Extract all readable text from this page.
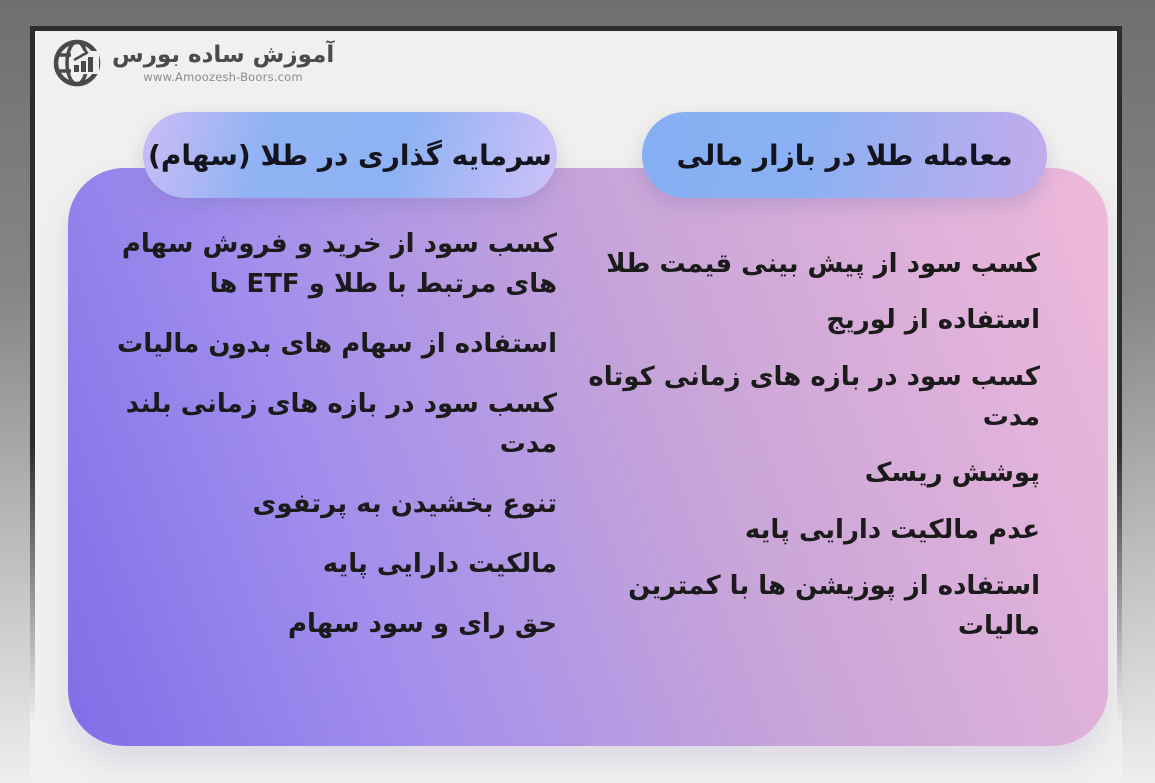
آموزش ساده بورس
www.Amoozesh-Boors.com
سرمایه گذاری در طلا (سهام)	معامله طلا در بازار مالی
کسب سود از خرید و فروش سهام های مرتبط با طلا و ETF ها
استفاده از سهام های بدون مالیات
کسب سود در بازه های زمانی بلند مدت
تنوع بخشیدن به پرتفوی
مالکیت دارایی پایه
حق رای و سود سهام
کسب سود از پیش بینی قیمت طلا
استفاده از لوریج
کسب سود در بازه های زمانی کوتاه مدت
پوشش ریسک
عدم مالکیت دارایی پایه
استفاده از پوزیشن ها با کمترین مالیات
